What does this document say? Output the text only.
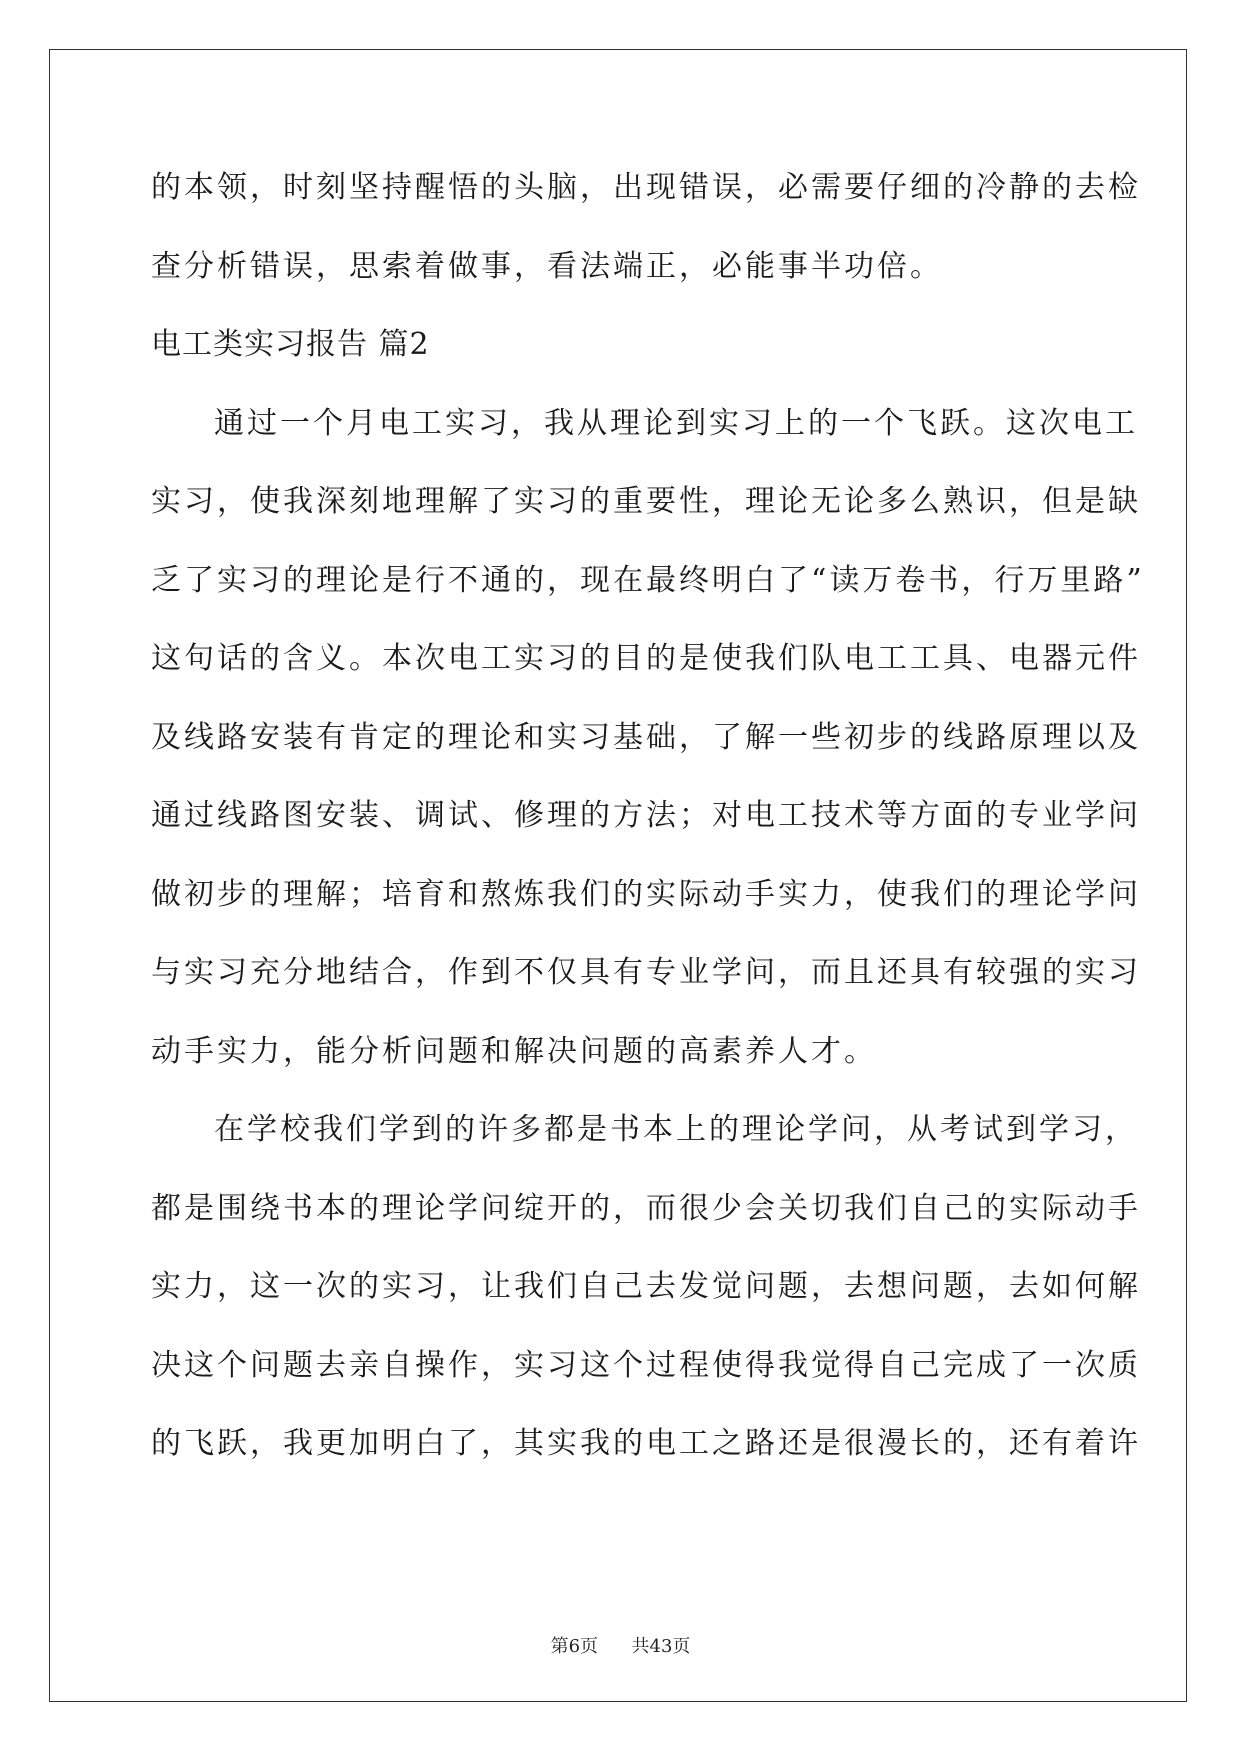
的本领，时刻坚持醒悟的头脑，出现错误，必需要仔细的冷静的去检
查分析错误，思索着做事，看法端正，必能事半功倍。
电工类实习报告 篇2
通过一个月电工实习，我从理论到实习上的一个飞跃。这次电工
实习，使我深刻地理解了实习的重要性，理论无论多么熟识，但是缺
乏了实习的理论是行不通的，现在最终明白了“读万卷书，行万里路”
这句话的含义。本次电工实习的目的是使我们队电工工具、电器元件
及线路安装有肯定的理论和实习基础，了解一些初步的线路原理以及
通过线路图安装、调试、修理的方法；对电工技术等方面的专业学问
做初步的理解；培育和熬炼我们的实际动手实力，使我们的理论学问
与实习充分地结合，作到不仅具有专业学问，而且还具有较强的实习
动手实力，能分析问题和解决问题的高素养人才。
在学校我们学到的许多都是书本上的理论学问，从考试到学习，
都是围绕书本的理论学问绽开的，而很少会关切我们自己的实际动手
实力，这一次的实习，让我们自己去发觉问题，去想问题，去如何解
决这个问题去亲自操作，实习这个过程使得我觉得自己完成了一次质
的飞跃，我更加明白了，其实我的电工之路还是很漫长的，还有着许
第6页 共43页
